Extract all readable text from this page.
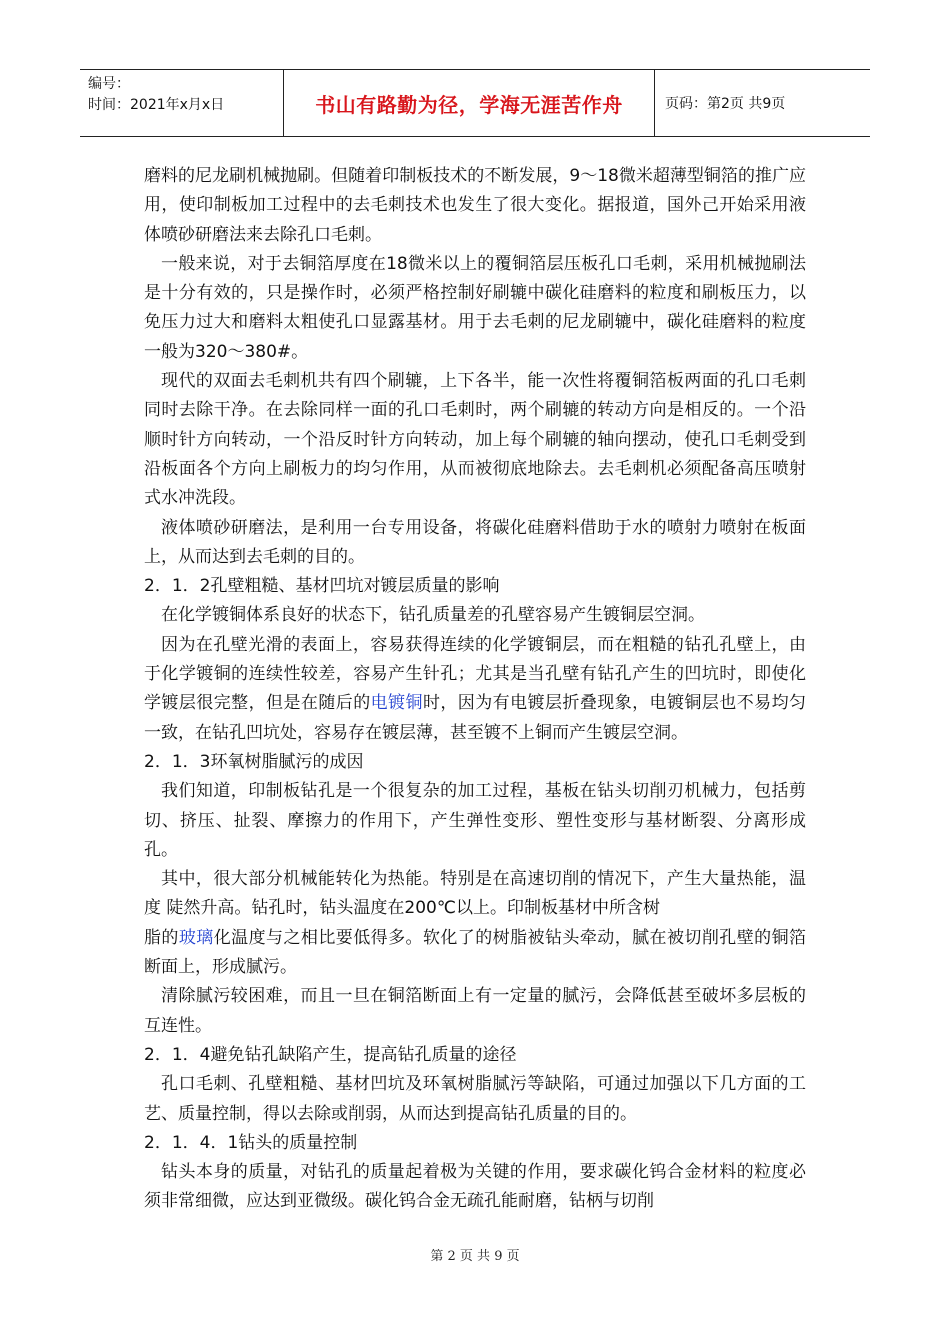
编号：
时间：2021年x月x日	书山有路勤为径，学海无涯苦作舟	页码：第2页 共9页

磨料的尼龙刷机械抛刷。但随着印制板技术的不断发展，9～18微米超薄型铜箔的推广应用，使印制板加工过程中的去毛刺技术也发生了很大变化。据报道，国外己开始采用液体喷砂研磨法来去除孔口毛刺。

一般来说，对于去铜箔厚度在18微米以上的覆铜箔层压板孔口毛刺，采用机械抛刷法是十分有效的，只是操作时，必须严格控制好刷辘中碳化硅磨料的粒度和刷板压力，以免压力过大和磨料太粗使孔口显露基材。用于去毛刺的尼龙刷辘中，碳化硅磨料的粒度一般为320～380#。

现代的双面去毛刺机共有四个刷辘，上下各半，能一次性将覆铜箔板两面的孔口毛刺同时去除干净。在去除同样一面的孔口毛刺时，两个刷辘的转动方向是相反的。一个沿顺时针方向转动，一个沿反时针方向转动，加上每个刷辘的轴向摆动，使孔口毛刺受到沿板面各个方向上刷板力的均匀作用，从而被彻底地除去。去毛刺机必须配备高压喷射式水冲洗段。

液体喷砂研磨法，是利用一台专用设备，将碳化硅磨料借助于水的喷射力喷射在板面上，从而达到去毛刺的目的。

2．1．2孔壁粗糙、基材凹坑对镀层质量的影响

在化学镀铜体系良好的状态下，钻孔质量差的孔壁容易产生镀铜层空洞。

因为在孔壁光滑的表面上，容易获得连续的化学镀铜层，而在粗糙的钻孔孔壁上，由于化学镀铜的连续性较差，容易产生针孔；尤其是当孔壁有钻孔产生的凹坑时，即使化学镀层很完整，但是在随后的电镀铜时，因为有电镀层折叠现象，电镀铜层也不易均匀一致，在钻孔凹坑处，容易存在镀层薄，甚至镀不上铜而产生镀层空洞。

2．1．3环氧树脂腻污的成因

我们知道，印制板钻孔是一个很复杂的加工过程，基板在钻头切削刃机械力，包括剪切、挤压、扯裂、摩擦力的作用下，产生弹性变形、塑性变形与基材断裂、分离形成孔。

其中，很大部分机械能转化为热能。特别是在高速切削的情况下，产生大量热能，温度 陡然升高。钻孔时，钻头温度在200℃以上。印制板基材中所含树

脂的玻璃化温度与之相比要低得多。软化了的树脂被钻头牵动，腻在被切削孔壁的铜箔断面上，形成腻污。

清除腻污较困难，而且一旦在铜箔断面上有一定量的腻污，会降低甚至破坏多层板的互连性。

2．1．4避免钻孔缺陷产生，提高钻孔质量的途径

孔口毛刺、孔壁粗糙、基材凹坑及环氧树脂腻污等缺陷，可通过加强以下几方面的工艺、质量控制，得以去除或削弱，从而达到提高钻孔质量的目的。

2．1．4．1钻头的质量控制

钻头本身的质量，对钻孔的质量起着极为关键的作用，要求碳化钨合金材料的粒度必须非常细微，应达到亚微级。碳化钨合金无疏孔能耐磨，钻柄与切削

第 2 页 共 9 页
